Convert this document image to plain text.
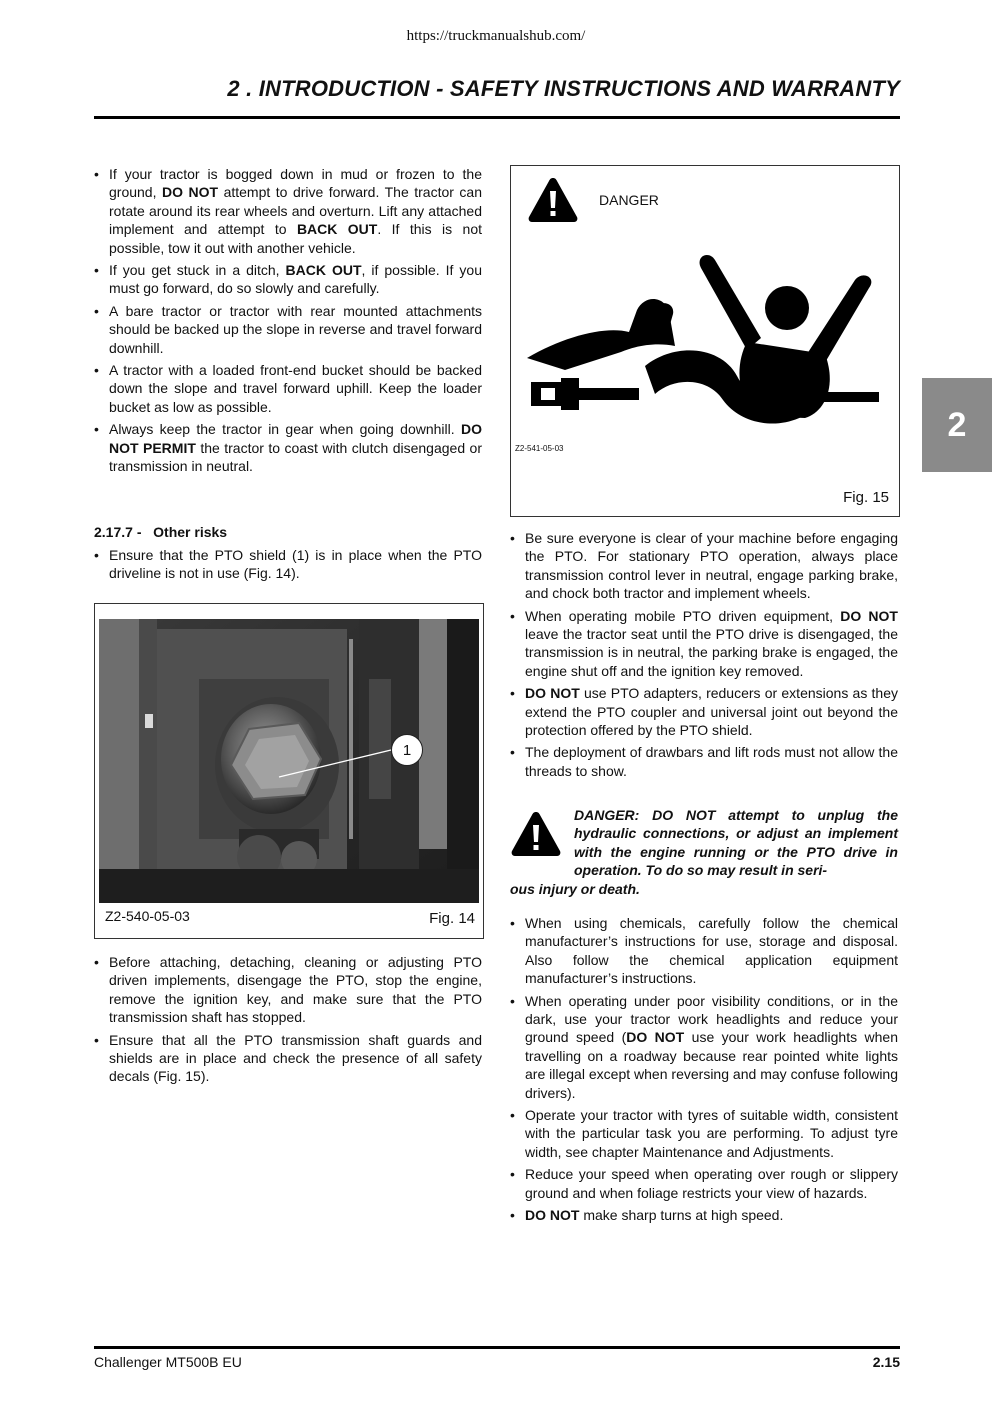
https://truckmanualshub.com/
2 . INTRODUCTION - SAFETY INSTRUCTIONS AND WARRANTY
2
• If your tractor is bogged down in mud or frozen to the ground, DO NOT attempt to drive forward. The tractor can rotate around its rear wheels and overturn. Lift any attached implement and attempt to BACK OUT. If this is not possible, tow it out with another vehicle.
• If you get stuck in a ditch, BACK OUT, if possible. If you must go forward, do so slowly and carefully.
• A bare tractor or tractor with rear mounted attachments should be backed up the slope in reverse and travel forward downhill.
• A tractor with a loaded front-end bucket should be backed down the slope and travel forward uphill. Keep the loader bucket as low as possible.
• Always keep the tractor in gear when going downhill. DO NOT PERMIT the tractor to coast with clutch disengaged or transmission in neutral.
2.17.7 - Other risks
• Ensure that the PTO shield (1) is in place when the PTO driveline is not in use (Fig. 14).
1
Z2-540-05-03	Fig. 14
• Before attaching, detaching, cleaning or adjusting PTO driven implements, disengage the PTO, stop the engine, remove the ignition key, and make sure that the PTO transmission shaft has stopped.
• Ensure that all the PTO transmission shaft guards and shields are in place and check the presence of all safety decals (Fig. 15).
DANGER
Z2-541-05-03
Fig. 15
• Be sure everyone is clear of your machine before engaging the PTO. For stationary PTO operation, always place transmission control lever in neutral, engage parking brake, and chock both tractor and implement wheels.
• When operating mobile PTO driven equipment, DO NOT leave the tractor seat until the PTO drive is disengaged, the transmission is in neutral, the parking brake is engaged, the engine shut off and the ignition key removed.
• DO NOT use PTO adapters, reducers or extensions as they extend the PTO coupler and universal joint out beyond the protection offered by the PTO shield.
• The deployment of drawbars and lift rods must not allow the threads to show.
DANGER: DO NOT attempt to unplug the hydraulic connections, or adjust an implement with the engine running or the PTO drive in operation. To do so may result in seri-
ous injury or death.
• When using chemicals, carefully follow the chemical manufacturer’s instructions for use, storage and disposal. Also follow the chemical application equipment manufacturer’s instructions.
• When operating under poor visibility conditions, or in the dark, use your tractor work headlights and reduce your ground speed (DO NOT use your work headlights when travelling on a roadway because rear pointed white lights are illegal except when reversing and may confuse following drivers).
• Operate your tractor with tyres of suitable width, consistent with the particular task you are performing. To adjust tyre width, see chapter Maintenance and Adjustments.
• Reduce your speed when operating over rough or slippery ground and when foliage restricts your view of hazards.
• DO NOT make sharp turns at high speed.
Challenger MT500B EU	2.15
